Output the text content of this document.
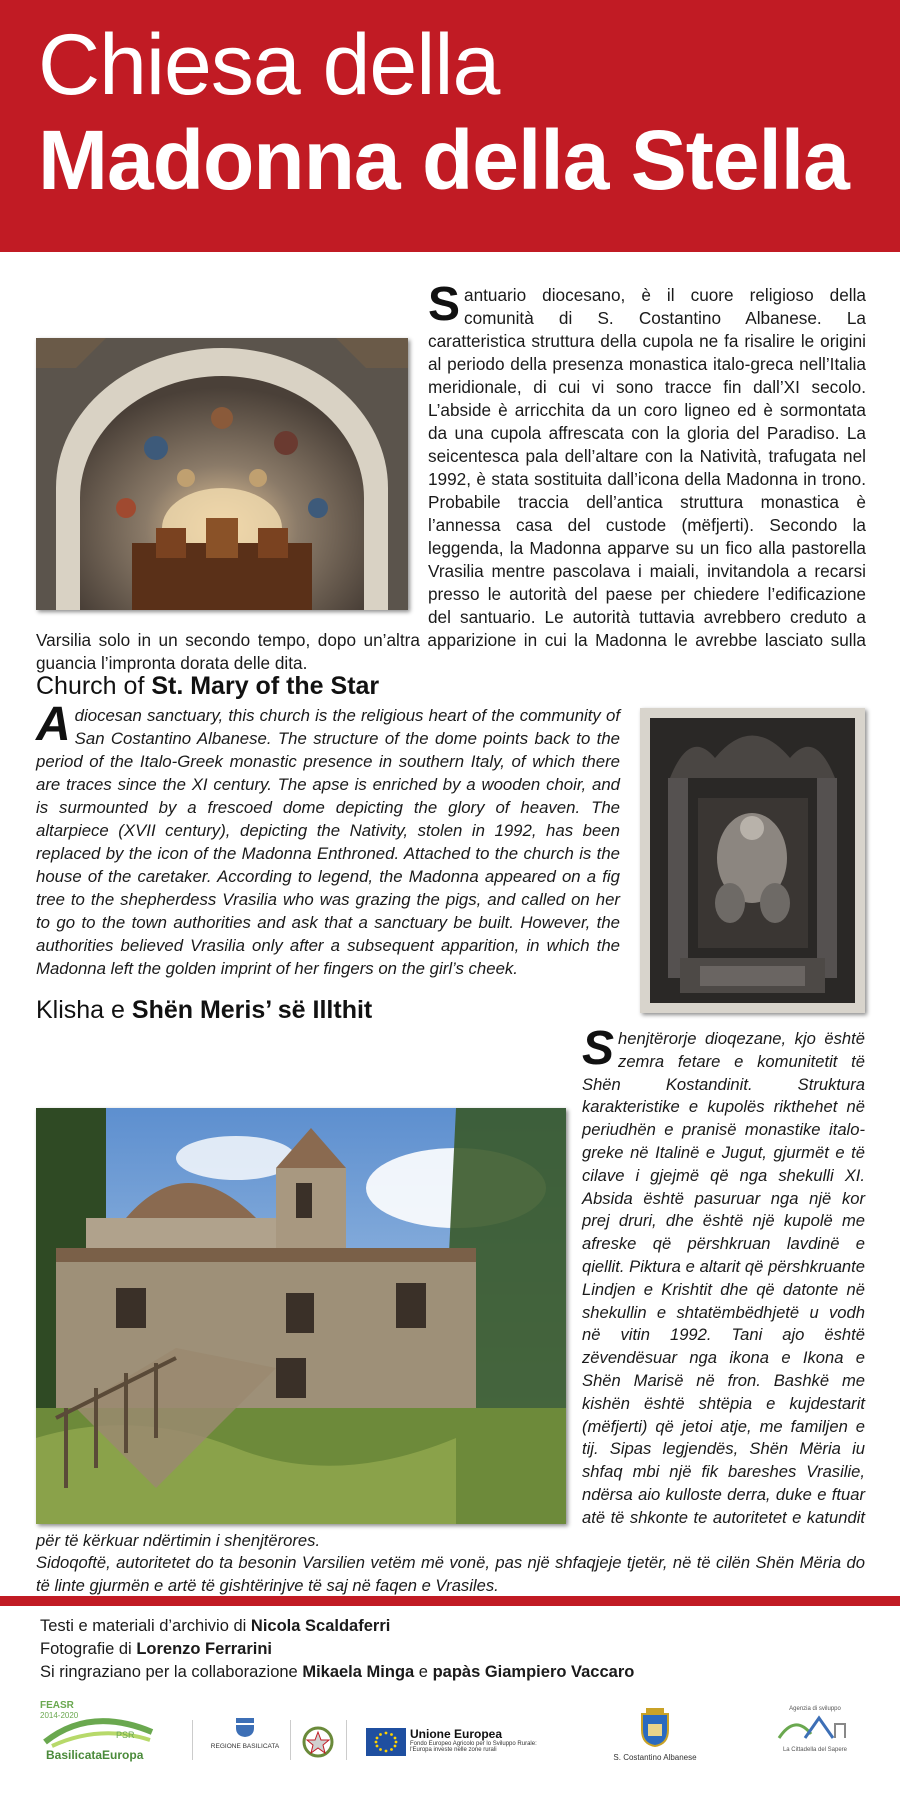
Chiesa della
Madonna della Stella
Santuario diocesano, è il cuore religioso della comunità di S. Costantino Albanese. La caratteristica struttura della cupola ne fa risalire le origini al periodo della presenza monastica italo-greca nell’Italia meridionale, di cui vi sono tracce fin dall’XI secolo. L’abside è arricchita da un coro ligneo ed è sormontata da una cupola affrescata con la gloria del Paradiso. La seicentesca pala dell’altare con la Natività, trafugata nel 1992, è stata sostituita dall’icona della Madonna in trono. Probabile traccia dell’antica struttura monastica è l’annessa casa del custode (mëfjerti). Secondo la leggenda, la Madonna apparve su un fico alla pastorella Vrasilia mentre pascolava i maiali, invitandola a recarsi presso le autorità del paese per chiedere l’edificazione del santuario. Le autorità tuttavia avrebbero creduto a Varsilia solo in un secondo tempo, dopo un’altra apparizione in cui la Madonna le avrebbe lasciato sulla guancia l’impronta dorata delle dita.
Church of St. Mary of the Star
A diocesan sanctuary, this church is the religious heart of the community of San Costantino Albanese. The structure of the dome points back to the period of the Italo-Greek monastic presence in southern Italy, of which there are traces since the XI century. The apse is enriched by a wooden choir, and is surmounted by a frescoed dome depicting the glory of heaven. The altarpiece (XVII century), depicting the Nativity, stolen in 1992, has been replaced by the icon of the Madonna Enthroned. Attached to the church is the house of the caretaker. According to legend, the Madonna appeared on a fig tree to the shepherdess Vrasilia who was grazing the pigs, and called on her to go to the town authorities and ask that a sanctuary be built. However, the authorities believed Vrasilia only after a subsequent apparition, in which the Madonna left the golden imprint of her fingers on the girl’s cheek.
Klisha e Shën Meris’ së Illthit
Shenjtërorje dioqezane, kjo është zemra fetare e komunitetit të Shën Kostandinit. Struktura karakteristike e kupolës rikthehet në periudhën e pranisë monastike italo-greke në Italinë e Jugut, gjurmët e të cilave i gjejmë që nga shekulli XI. Absida është pasuruar nga një kor prej druri, dhe është një kupolë me afreske që përshkruan lavdinë e qiellit. Piktura e altarit që përshkruante Lindjen e Krishtit dhe që datonte në shekullin e shtatëmbëdhjetë u vodh në vitin 1992. Tani ajo është zëvendësuar nga ikona e Ikona e Shën Marisë në fron. Bashkë me kishën është shtëpia e kujdestarit (mëfjerti) që jetoi atje, me familjen e tij. Sipas legjendës, Shën Mëria iu shfaq mbi një fik bareshes Vrasilie, ndërsa aio kulloste derra, duke e ftuar atë të shkonte te autoritetet e katundit për të kërkuar ndërtimin i shenjtërores.
Sidoqoftë, autoritetet do ta besonin Varsilien vetëm më vonë, pas një shfaqjeje tjetër, në të cilën Shën Mëria do të linte gjurmën e artë të gishtërinjve të saj në faqen e Vrasiles.
Testi e materiali d’archivio di Nicola Scaldaferri
Fotografie di Lorenzo Ferrarini
Si ringraziano per la collaborazione Mikaela Minga e papàs Giampiero Vaccaro
FEASR
2014-2020
PSR
BasilicataEuropa
REGIONE BASILICATA
Unione Europea
Fondo Europeo Agricolo per lo Sviluppo Rurale:
l'Europa investe nelle zone rurali
S. Costantino Albanese
Agenzia di sviluppo
La Cittadella del Sapere
